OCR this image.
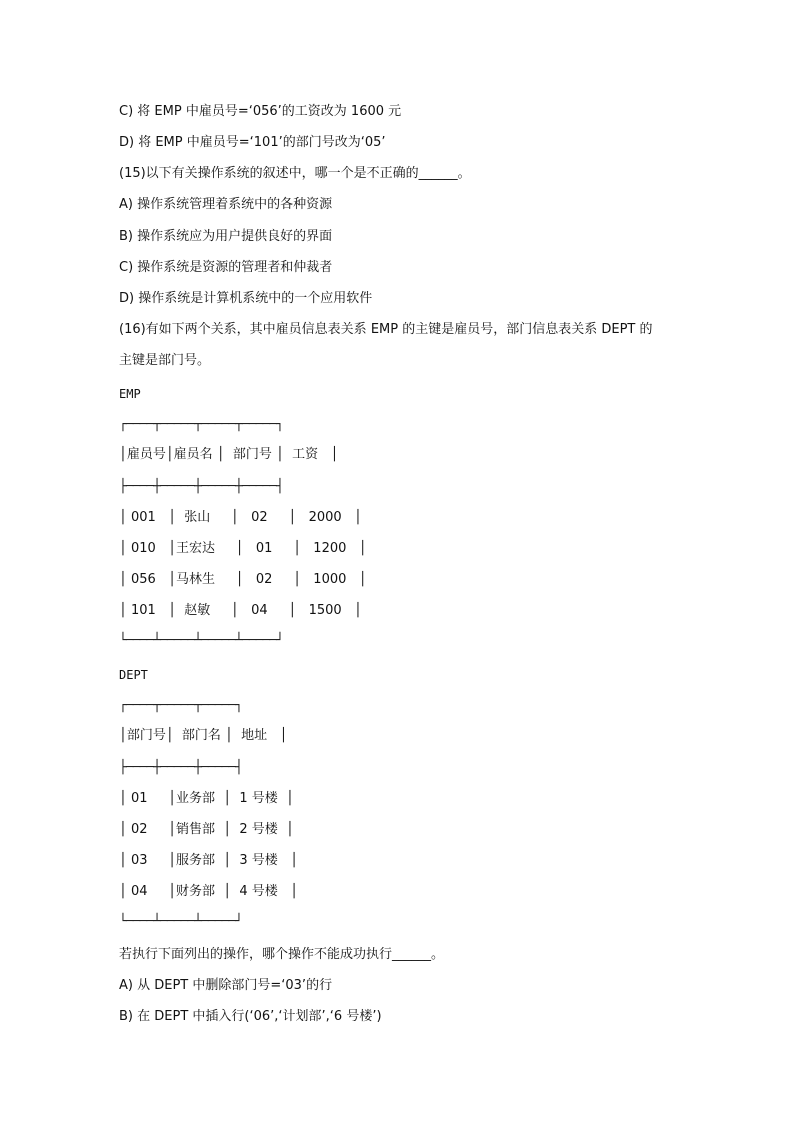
C) 将 EMP 中雇员号=‘056’的工资改为 1600 元
D) 将 EMP 中雇员号=‘101’的部门号改为‘05’
(15)以下有关操作系统的叙述中，哪一个是不正确的______。
A) 操作系统管理着系统中的各种资源
B) 操作系统应为用户提供良好的界面
C) 操作系统是资源的管理者和仲裁者
D) 操作系统是计算机系统中的一个应用软件
(16)有如下两个关系，其中雇员信息表关系 EMP 的主键是雇员号，部门信息表关系 DEPT 的
主键是部门号。
EMP
┌────┬─────┬─────┬─────┐
│雇员号│雇员名 │  部门号 │  工资   │
├────┼─────┼─────┼─────┤
│ 001   │  张山     │   02     │   2000   │
│ 010   │王宏达     │   01     │   1200   │
│ 056   │马林生     │   02     │   1000   │
│ 101   │  赵敏     │   04     │   1500   │
└────┴─────┴─────┴─────┘
DEPT
┌────┬─────┬─────┐
│部门号│  部门名 │  地址   │
├────┼─────┼─────┤
│ 01     │业务部  │  1 号楼  │
│ 02     │销售部  │  2 号楼  │
│ 03     │服务部  │  3 号楼   │
│ 04     │财务部  │  4 号楼   │
└────┴─────┴─────┘
若执行下面列出的操作，哪个操作不能成功执行______。
A) 从 DEPT 中删除部门号=‘03’的行
B) 在 DEPT 中插入行(‘06’,‘计划部’,‘6 号楼’)
